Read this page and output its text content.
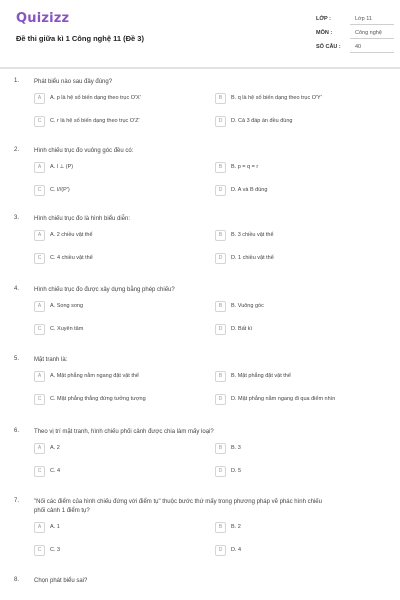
Quizizz
Đề thi giữa kì 1 Công nghệ 11 (Đề 3)
LỚP :	Lớp 11
MÔN :	Công nghệ
SỐ CÂU :	40
1. Phát biểu nào sau đây đúng?
A	A. p là hệ số biến dạng theo trục O'X'	B	B. q là hệ số biến dạng theo trục O'Y'
C	C. r là hệ số biến dạng theo trục O'Z'	D	D. Cả 3 đáp án đều đúng
2. Hình chiếu trục đo vuông góc đều có:
A	A. l ⊥ (P)	B	B. p = q = r
C	C. l//(P')	D	D. A và B đúng
3. Hình chiếu trục đo là hình biểu diễn:
A	A. 2 chiều vật thể	B	B. 3 chiều vật thể
C	C. 4 chiều vật thể	D	D. 1 chiều vật thể
4. Hình chiếu trục đo được xây dựng bằng phép chiếu?
A	A. Song song	B	B. Vuông góc
C	C. Xuyên tâm	D	D. Bất kì
5. Mặt tranh là:
A	A. Mặt phẳng nằm ngang đặt vật thể	B	B. Mặt phẳng đặt vật thể
C	C. Mặt phẳng thẳng đứng tưởng tượng	D	D. Mặt phẳng nằm ngang đi qua điểm nhìn
6. Theo vị trí mặt tranh, hình chiếu phối cảnh được chia làm mấy loại?
A	A. 2	B	B. 3
C	C. 4	D	D. 5
7. "Nối các điểm của hình chiếu đứng với điểm tụ" thuộc bước thứ mấy trong phương pháp vẽ phác hình chiếu phối cảnh 1 điểm tụ?
A	A. 1	B	B. 2
C	C. 3	D	D. 4
8. Chọn phát biểu sai?
